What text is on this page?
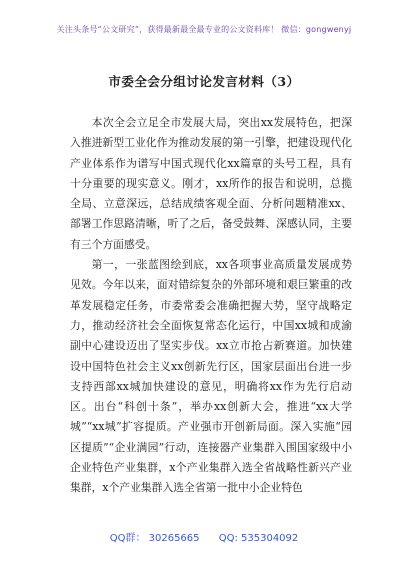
关注头条号“公文研究”，获得最新最全最专业的公文资料库！ 微信：gongwenyj
市委全会分组讨论发言材料（3）

本次全会立足全市发展大局，突出xx发展特色，把深入推进新型工业化作为推动发展的第一引擎，把建设现代化产业体系作为谱写中国式现代化xx篇章的头号工程，具有十分重要的现实意义。刚才，xx所作的报告和说明，总揽全局、立意深远，总结成绩客观全面、分析问题精准xx、部署工作思路清晰，听了之后，备受鼓舞、深感认同，主要有三个方面感受。

第一，一张蓝图绘到底，xx各项事业高质量发展成势见效。今年以来，面对错综复杂的外部环境和艰巨繁重的改革发展稳定任务，市委常委会准确把握大势，坚守战略定力，推动经济社会全面恢复常态化运行，中国xx城和成渝副中心建设迈出了坚实步伐。xx立市抢占新赛道。加快建设中国特色社会主义xx创新先行区，国家层面出台进一步支持西部xx城加快建设的意见，明确将xx作为先行启动区。出台“科创十条”，举办xx创新大会，推进“xx大学城”“xx城”扩容提质。产业强市开创新局面。深入实施“园区提质”“企业满园”行动，连接器产业集群入围国家级中小企业特色产业集群，x个产业集群入选全省战略性新兴产业集群，x个产业集群入选全省第一批中小企业特色

QQ群： 30265665 QQ: 535304092
